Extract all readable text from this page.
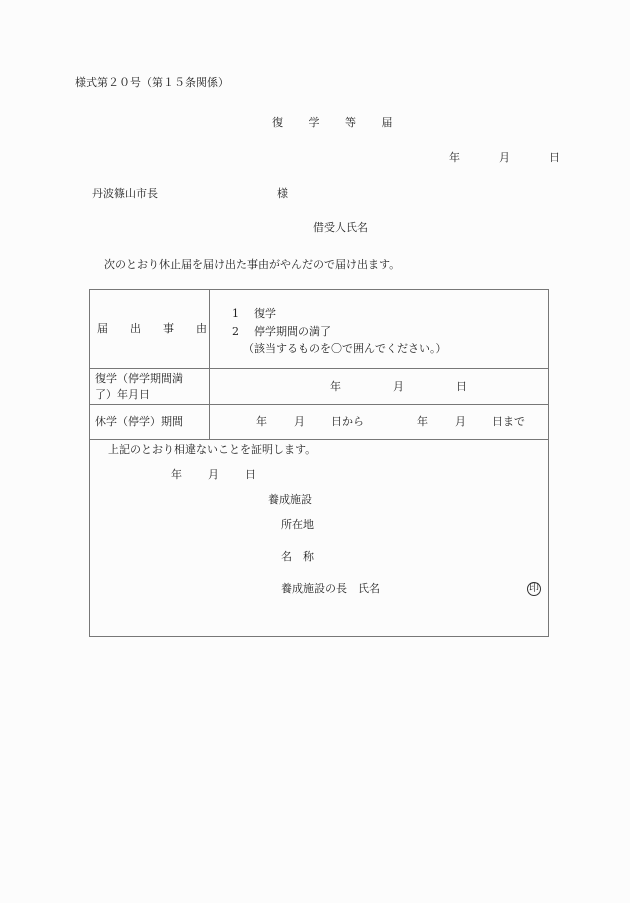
様式第２０号（第１５条関係）
復 学 等 届
年	月	日
丹波篠山市長	様
借受人氏名
次のとおり休止届を届け出た事由がやんだので届け出ます。
届　　出　　事　　由
1 復学
2 停学期間の満了
（該当するものを〇で囲んでください。）
復学（停学期間満
了）年月日
年	月	日
休学（停学）期間	年 月 日から	年 月 日まで
上記のとおり相違ないことを証明します。
年 月 日
養成施設
所在地
名　称
養成施設の長　氏名	印
